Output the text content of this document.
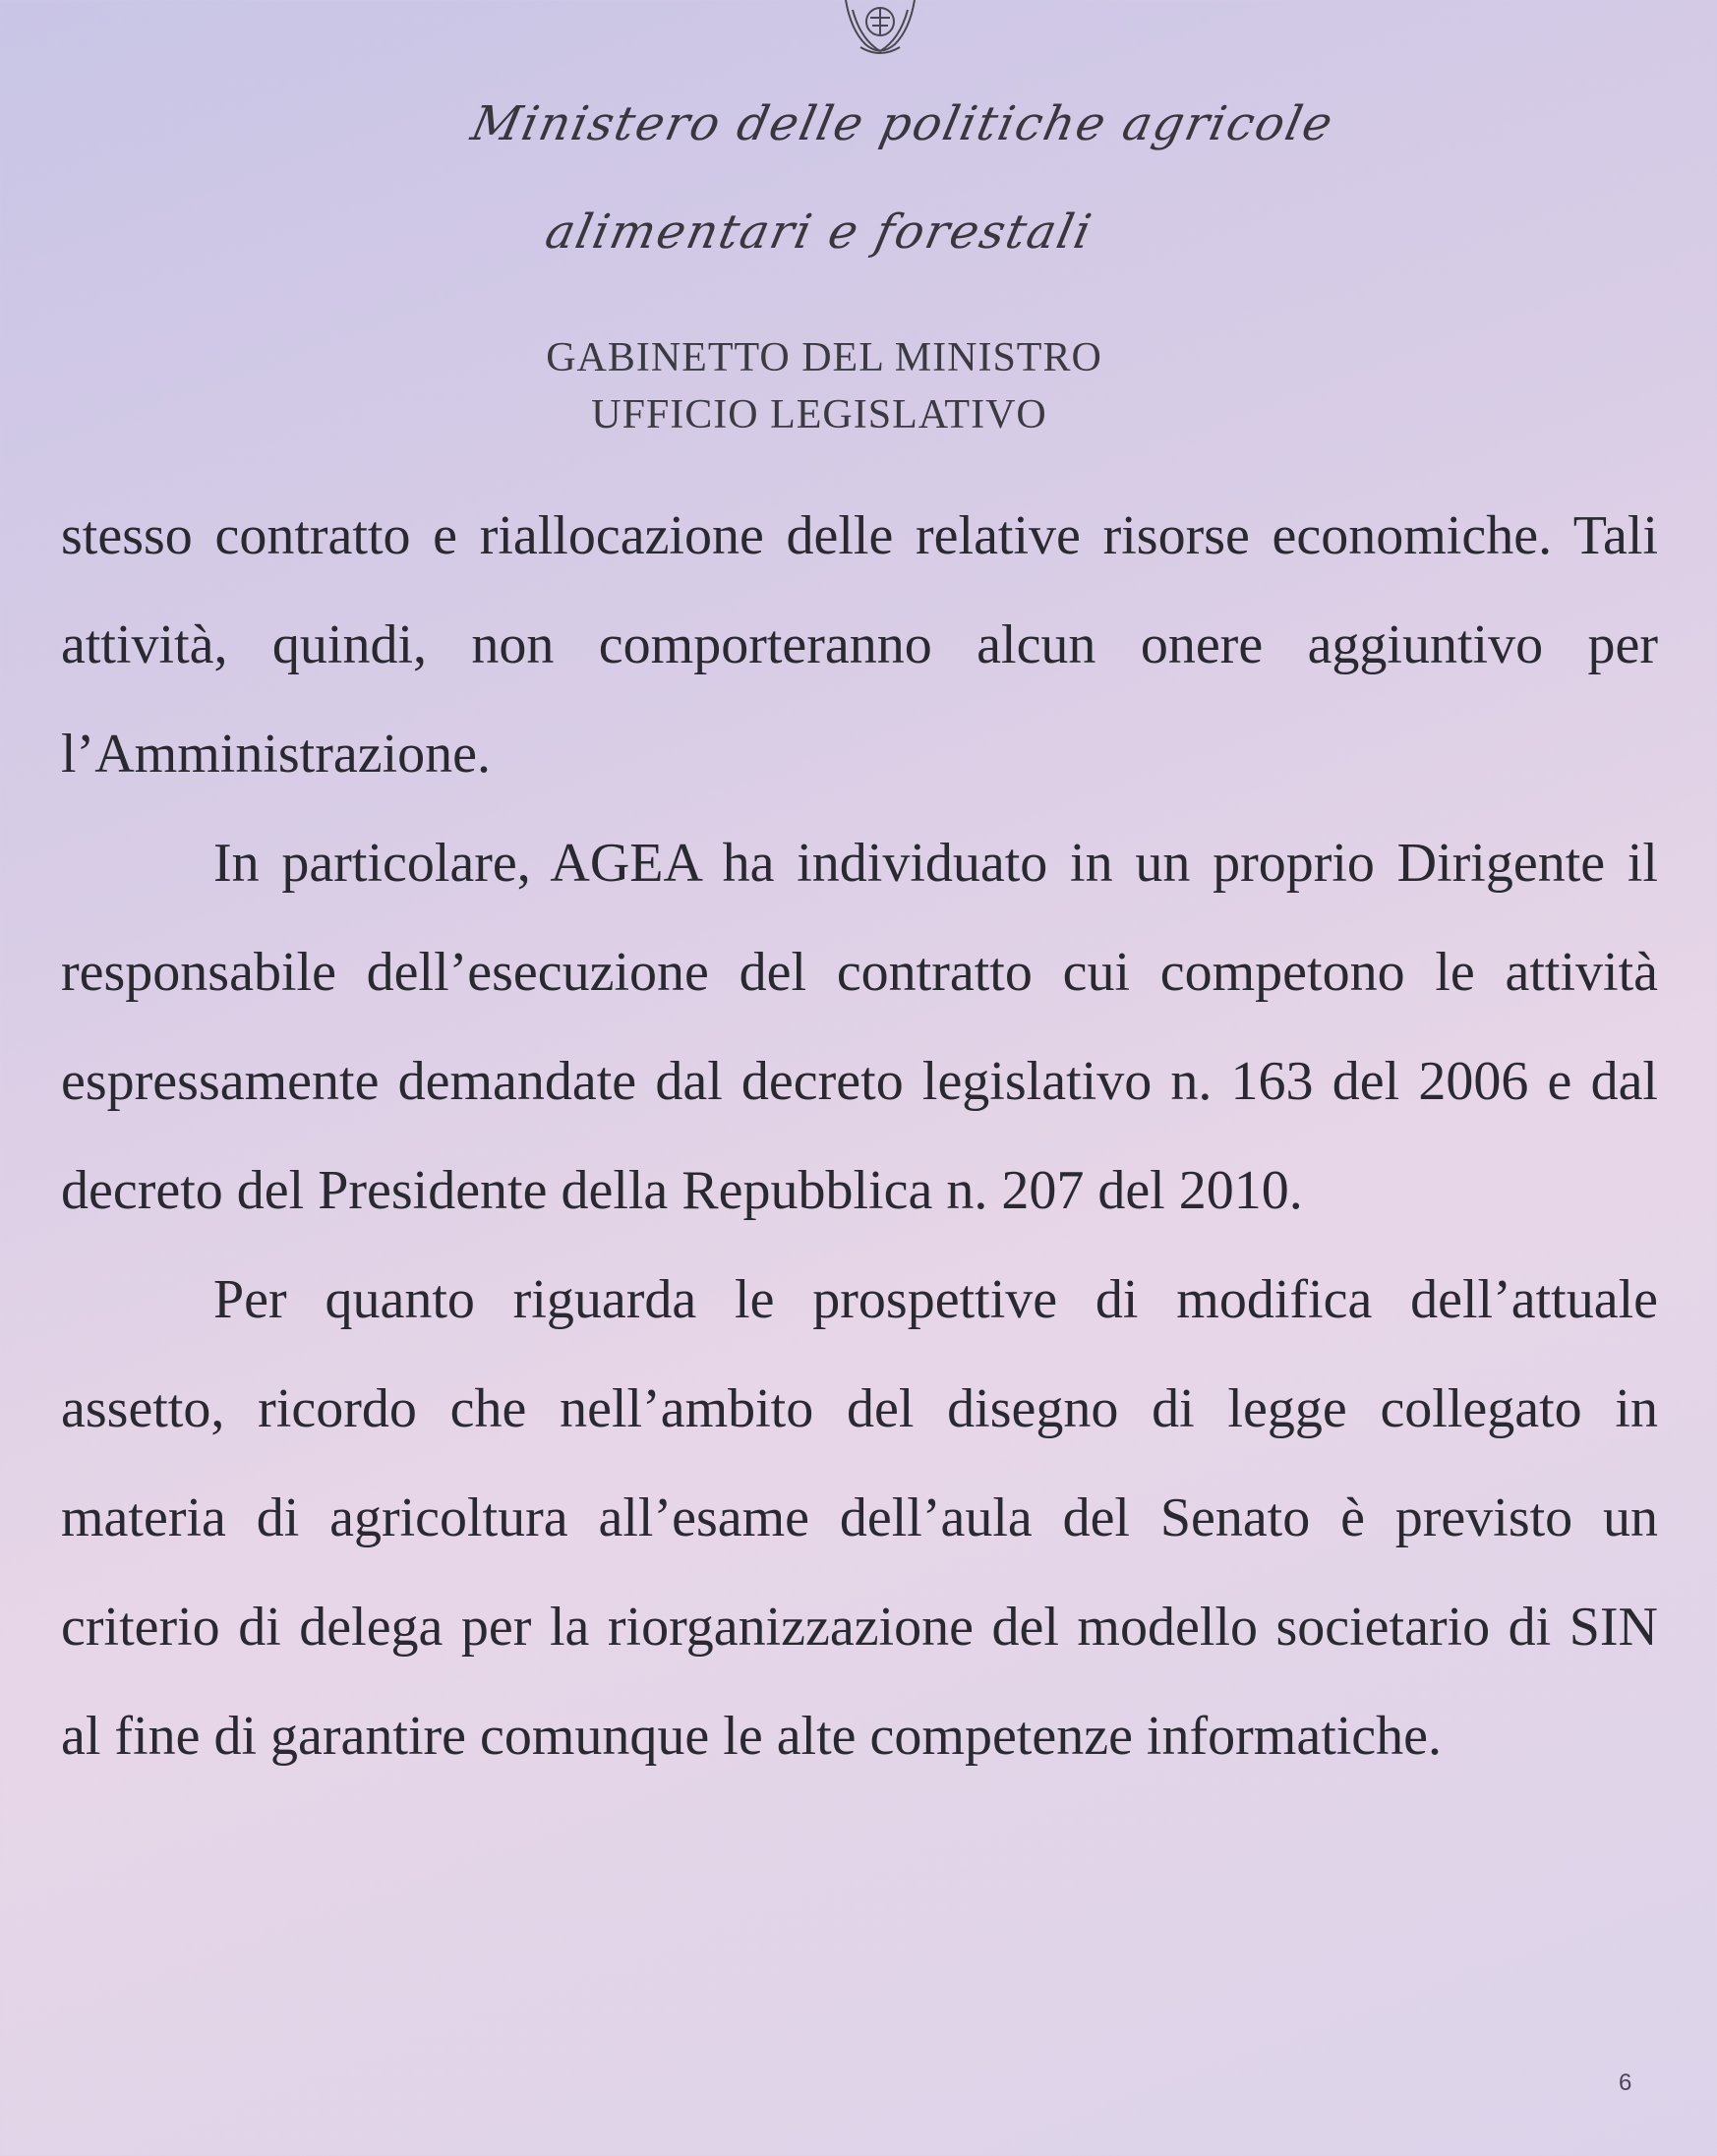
Ministero delle politiche agricole
alimentari e forestali
GABINETTO DEL MINISTRO
UFFICIO LEGISLATIVO

stesso contratto e riallocazione delle relative risorse economiche. Tali attività, quindi, non comporteranno alcun onere aggiuntivo per l’Amministrazione.

In particolare, AGEA ha individuato in un proprio Dirigente il responsabile dell’esecuzione del contratto cui competono le attività espressamente demandate dal decreto legislativo n. 163 del 2006 e dal decreto del Presidente della Repubblica n. 207 del 2010.

Per quanto riguarda le prospettive di modifica dell’attuale assetto, ricordo che nell’ambito del disegno di legge collegato in materia di agricoltura all’esame dell’aula del Senato è previsto un criterio di delega per la riorganizzazione del modello societario di SIN al fine di garantire comunque le alte competenze informatiche.

6
